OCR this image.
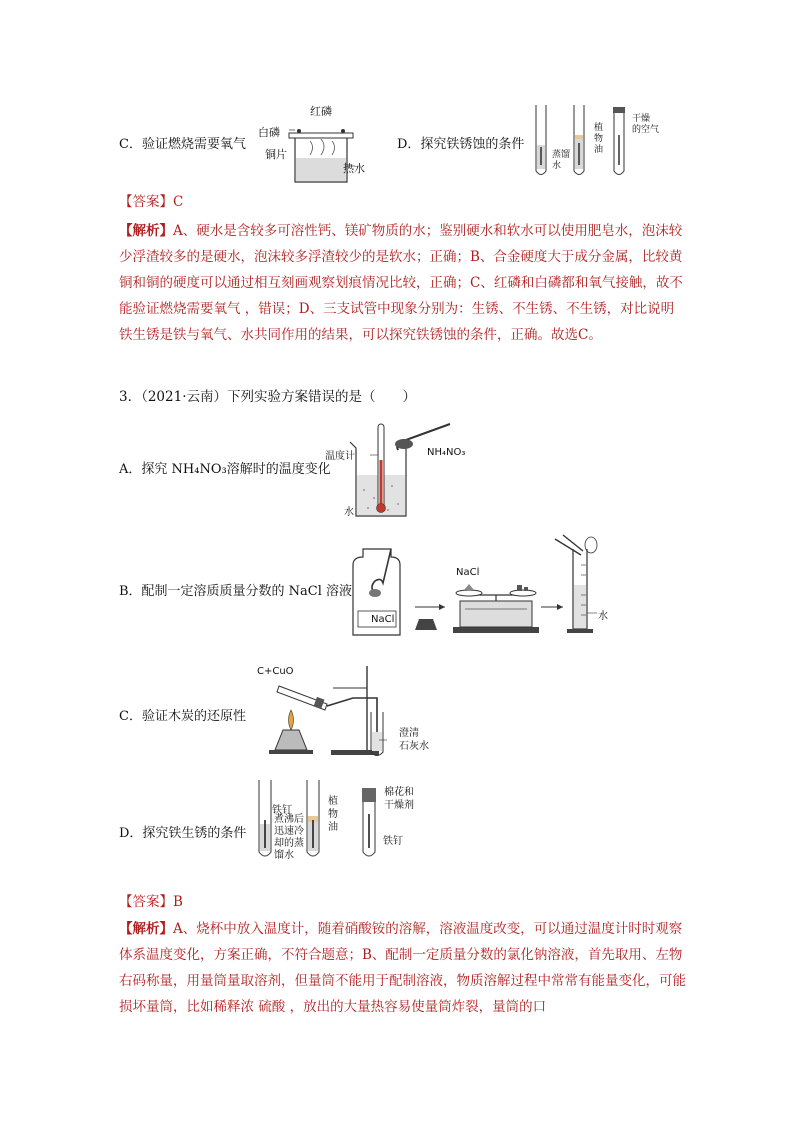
C．验证燃烧需要氧气
红磷
白磷
铜片
热水
D．探究铁锈蚀的条件
蒸馏
水
植
物
油
干燥
的空气
【答案】C
【解析】A、硬水是含较多可溶性钙、镁矿物质的水；鉴别硬水和软水可以使用肥皂水，泡沫较少浮渣较多的是硬水，泡沫较多浮渣较少的是软水；正确；B、合金硬度大于成分金属，比较黄铜和铜的硬度可以通过相互刻画观察划痕情况比较，正确；C、红磷和白磷都和氧气接触，故不能验证燃烧需要氧气 ，错误；D、三支试管中现象分别为：生锈、不生锈、不生锈，对比说明铁生锈是铁与氧气、水共同作用的结果，可以探究铁锈蚀的条件，正确。故选C。
3．（2021·云南）下列实验方案错误的是（　　）
A．探究 NH₄NO₃溶解时的温度变化
温度计	NH₄NO₃
水
B．配制一定溶质质量分数的 NaCl 溶液
NaCl
NaCl
水
C．验证木炭的还原性
C+CuO
澄清
石灰水
D．探究铁生锈的条件
铁钉
煮沸后
迅速冷
却的蒸
馏水
植
物
油
棉花和
干燥剂
铁钉
【答案】B
【解析】A、烧杯中放入温度计，随着硝酸铵的溶解，溶液温度改变，可以通过温度计时时观察体系温度变化，方案正确，不符合题意；B、配制一定质量分数的氯化钠溶液，首先取用、左物右码称量，用量筒量取溶剂，但量筒不能用于配制溶液，物质溶解过程中常常有能量变化，可能损坏量筒，比如稀释浓 硫酸 ，放出的大量热容易使量筒炸裂，量筒的口
